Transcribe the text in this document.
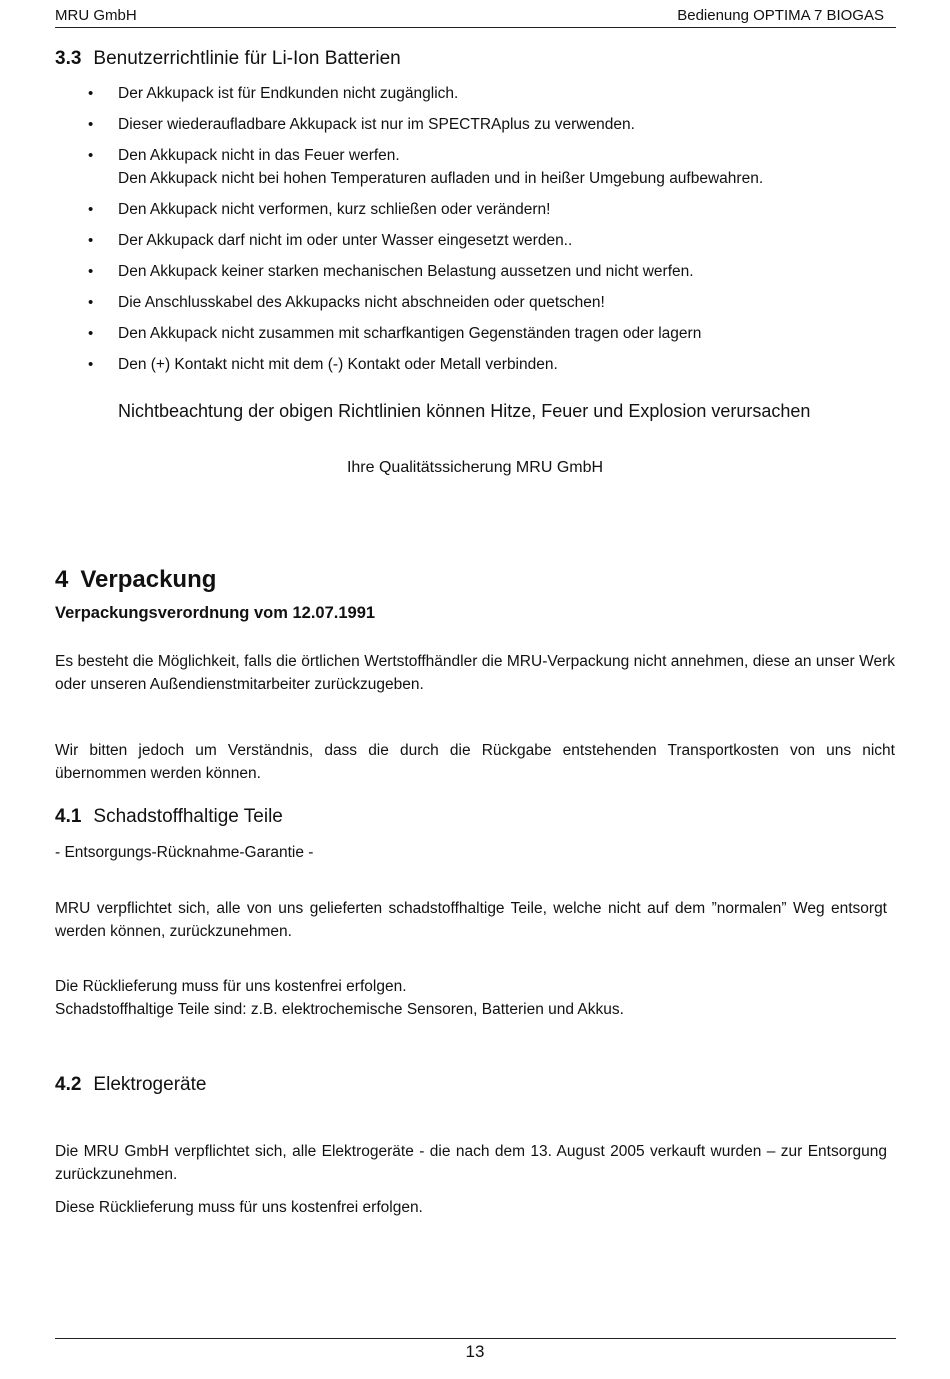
MRU GmbH	Bedienung OPTIMA 7 BIOGAS
3.3 Benutzerrichtlinie für Li-Ion Batterien
• Der Akkupack ist für Endkunden nicht zugänglich.
• Dieser wiederaufladbare Akkupack ist nur im SPECTRAplus zu verwenden.
• Den Akkupack nicht in das Feuer werfen.
Den Akkupack nicht bei hohen Temperaturen aufladen und in heißer Umgebung aufbewahren.
• Den Akkupack nicht verformen, kurz schließen oder verändern!
• Der Akkupack darf nicht im oder unter Wasser eingesetzt werden..
• Den Akkupack keiner starken mechanischen Belastung aussetzen und nicht werfen.
• Die Anschlusskabel des Akkupacks nicht abschneiden oder quetschen!
• Den Akkupack nicht zusammen mit scharfkantigen Gegenständen tragen oder lagern
• Den (+) Kontakt nicht mit dem (-) Kontakt oder Metall verbinden.
Nichtbeachtung der obigen Richtlinien können Hitze, Feuer und Explosion verursachen
Ihre Qualitätssicherung MRU GmbH
4 Verpackung
Verpackungsverordnung vom 12.07.1991
Es besteht die Möglichkeit, falls die örtlichen Wertstoffhändler die MRU-Verpackung nicht annehmen, diese an unser Werk oder unseren Außendienstmitarbeiter zurückzugeben.
Wir bitten jedoch um Verständnis, dass die durch die Rückgabe entstehenden Transportkosten von uns nicht übernommen werden können.
4.1 Schadstoffhaltige Teile
- Entsorgungs-Rücknahme-Garantie -
MRU verpflichtet sich, alle von uns gelieferten schadstoffhaltige Teile, welche nicht auf dem ”normalen” Weg entsorgt werden können, zurückzunehmen.
Die Rücklieferung muss für uns kostenfrei erfolgen.
Schadstoffhaltige Teile sind: z.B. elektrochemische Sensoren, Batterien und Akkus.
4.2 Elektrogeräte
Die MRU GmbH verpflichtet sich, alle Elektrogeräte - die nach dem 13. August 2005 verkauft wurden – zur Entsorgung zurückzunehmen.
Diese Rücklieferung muss für uns kostenfrei erfolgen.
13
